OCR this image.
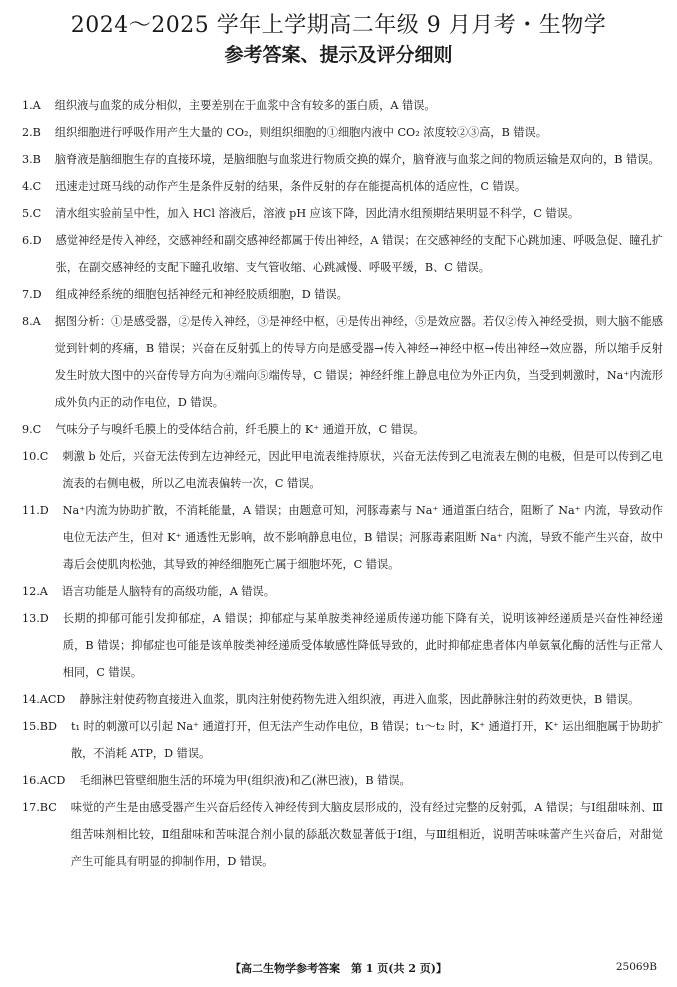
2024～2025 学年上学期高二年级 9 月月考・生物学
参考答案、提示及评分细则
1.A 组织液与血浆的成分相似，主要差别在于血浆中含有较多的蛋白质，A 错误。
2.B 组织细胞进行呼吸作用产生大量的 CO₂，则组织细胞的①细胞内液中 CO₂ 浓度较②③高，B 错误。
3.B 脑脊液是脑细胞生存的直接环境，是脑细胞与血浆进行物质交换的媒介，脑脊液与血浆之间的物质运输是双向的，B 错误。
4.C 迅速走过斑马线的动作产生是条件反射的结果，条件反射的存在能提高机体的适应性，C 错误。
5.C 清水组实验前呈中性，加入 HCl 溶液后，溶液 pH 应该下降，因此清水组预期结果明显不科学，C 错误。
6.D 感觉神经是传入神经，交感神经和副交感神经都属于传出神经，A 错误；在交感神经的支配下心跳加速、呼吸急促、瞳孔扩张，在副交感神经的支配下瞳孔收缩、支气管收缩、心跳减慢、呼吸平缓，B、C 错误。
7.D 组成神经系统的细胞包括神经元和神经胶质细胞，D 错误。
8.A 据图分析：①是感受器，②是传入神经，③是神经中枢，④是传出神经，⑤是效应器。若仅②传入神经受损，则大脑不能感觉到针刺的疼痛，B 错误；兴奋在反射弧上的传导方向是感受器→传入神经→神经中枢→传出神经→效应器，所以缩手反射发生时放大图中的兴奋传导方向为④端向⑤端传导，C 错误；神经纤维上静息电位为外正内负，当受到刺激时，Na⁺内流形成外负内正的动作电位，D 错误。
9.C 气味分子与嗅纤毛膜上的受体结合前，纤毛膜上的 K⁺ 通道开放，C 错误。
10.C 刺激 b 处后，兴奋无法传到左边神经元，因此甲电流表维持原状，兴奋无法传到乙电流表左侧的电极，但是可以传到乙电流表的右侧电极，所以乙电流表偏转一次，C 错误。
11.D Na⁺内流为协助扩散，不消耗能量，A 错误；由题意可知，河豚毒素与 Na⁺ 通道蛋白结合，阻断了 Na⁺ 内流，导致动作电位无法产生，但对 K⁺ 通透性无影响，故不影响静息电位，B 错误；河豚毒素阻断 Na⁺ 内流，导致不能产生兴奋，故中毒后会使肌肉松弛，其导致的神经细胞死亡属于细胞坏死，C 错误。
12.A 语言功能是人脑特有的高级功能，A 错误。
13.D 长期的抑郁可能引发抑郁症，A 错误；抑郁症与某单胺类神经递质传递功能下降有关，说明该神经递质是兴奋性神经递质，B 错误；抑郁症也可能是该单胺类神经递质受体敏感性降低导致的，此时抑郁症患者体内单氨氧化酶的活性与正常人相同，C 错误。
14.ACD 静脉注射使药物直接进入血浆，肌肉注射使药物先进入组织液，再进入血浆，因此静脉注射的药效更快，B 错误。
15.BD t₁ 时的刺激可以引起 Na⁺ 通道打开，但无法产生动作电位，B 错误；t₁～t₂ 时，K⁺ 通道打开，K⁺ 运出细胞属于协助扩散，不消耗 ATP，D 错误。
16.ACD 毛细淋巴管壁细胞生活的环境为甲(组织液)和乙(淋巴液)，B 错误。
17.BC 味觉的产生是由感受器产生兴奋后经传入神经传到大脑皮层形成的，没有经过完整的反射弧，A 错误；与Ⅰ组甜味剂、Ⅲ组苦味剂相比较，Ⅱ组甜味和苦味混合剂小鼠的舔舐次数显著低于Ⅰ组，与Ⅲ组相近，说明苦味味蕾产生兴奋后，对甜觉产生可能具有明显的抑制作用，D 错误。
【高二生物学参考答案　第 1 页(共 2 页)】	25069B
